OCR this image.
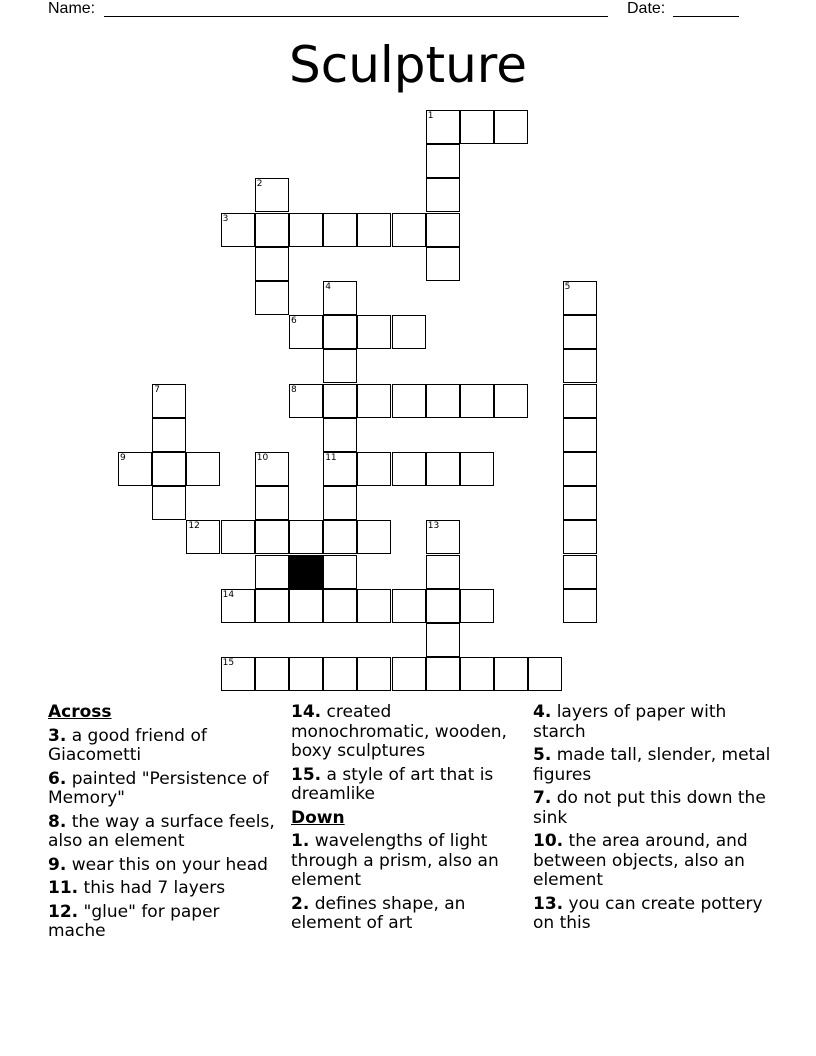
Name:	Date:
Sculpture
1
2
3
4	5
6
7	8
9	10	11
12	13
14
15
Across
3. a good friend of Giacometti
6. painted "Persistence of Memory"
8. the way a surface feels, also an element
9. wear this on your head
11. this had 7 layers
12. "glue" for paper mache
14. created monochromatic, wooden, boxy sculptures
15. a style of art that is dreamlike
Down
1. wavelengths of light through a prism, also an element
2. defines shape, an element of art
4. layers of paper with starch
5. made tall, slender, metal figures
7. do not put this down the sink
10. the area around, and between objects, also an element
13. you can create pottery on this
